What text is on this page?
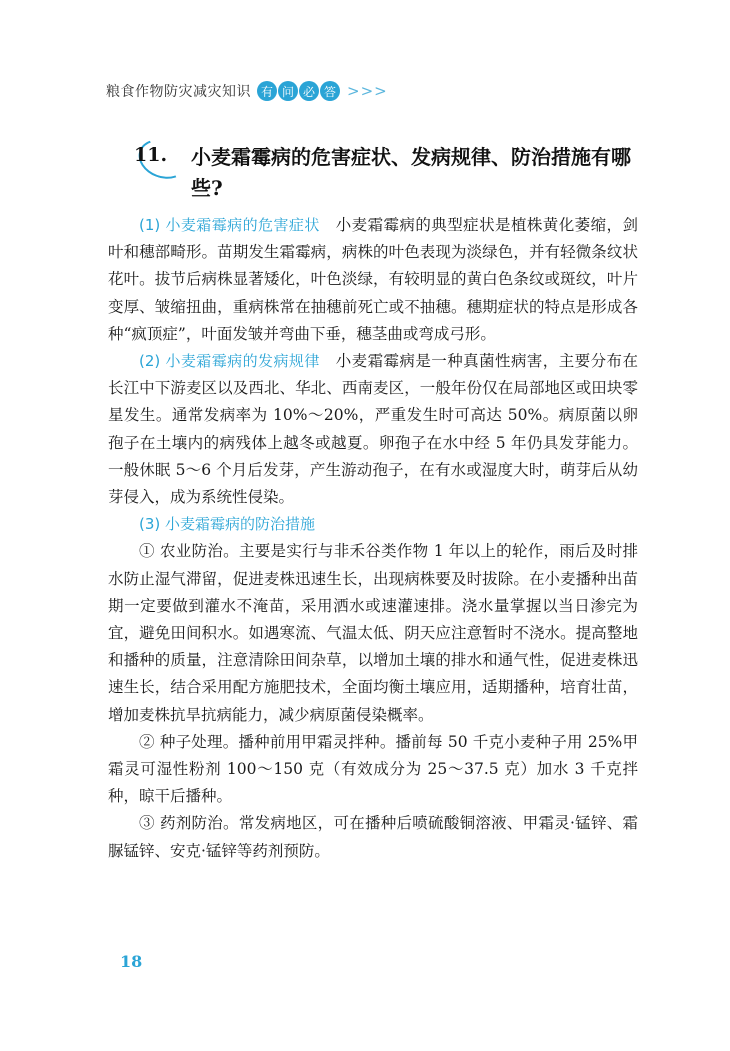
粮食作物防灾减灾知识 有 问 必 答 >>>
11. 小麦霜霉病的危害症状、发病规律、防治措施有哪些?

(1) 小麦霜霉病的危害症状　 小麦霜霉病的典型症状是植株黄化萎缩，剑叶和穗部畸形。苗期发生霜霉病，病株的叶色表现为淡绿色，并有轻微条纹状花叶。拔节后病株显著矮化，叶色淡绿，有较明显的黄白色条纹或斑纹，叶片变厚、皱缩扭曲，重病株常在抽穗前死亡或不抽穗。穗期症状的特点是形成各种“疯顶症”，叶面发皱并弯曲下垂，穗茎曲或弯成弓形。

(2) 小麦霜霉病的发病规律　 小麦霜霉病是一种真菌性病害，主要分布在长江中下游麦区以及西北、华北、西南麦区，一般年份仅在局部地区或田块零星发生。通常发病率为 10%～20%，严重发生时可高达 50%。病原菌以卵孢子在土壤内的病残体上越冬或越夏。卵孢子在水中经 5 年仍具发芽能力。一般休眠 5～6 个月后发芽，产生游动孢子，在有水或湿度大时，萌芽后从幼芽侵入，成为系统性侵染。

(3) 小麦霜霉病的防治措施

① 农业防治。主要是实行与非禾谷类作物 1 年以上的轮作，雨后及时排水防止湿气滞留，促进麦株迅速生长，出现病株要及时拔除。在小麦播种出苗期一定要做到灌水不淹苗，采用洒水或速灌速排。浇水量掌握以当日渗完为宜，避免田间积水。如遇寒流、气温太低、阴天应注意暂时不浇水。提高整地和播种的质量，注意清除田间杂草，以增加土壤的排水和通气性，促进麦株迅速生长，结合采用配方施肥技术，全面均衡土壤应用，适期播种，培育壮苗，增加麦株抗旱抗病能力，减少病原菌侵染概率。

② 种子处理。播种前用甲霜灵拌种。播前每 50 千克小麦种子用 25%甲霜灵可湿性粉剂 100～150 克（有效成分为 25～37.5 克）加水 3 千克拌种，晾干后播种。

③ 药剂防治。常发病地区，可在播种后喷硫酸铜溶液、甲霜灵·锰锌、霜脲锰锌、安克·锰锌等药剂预防。

18
